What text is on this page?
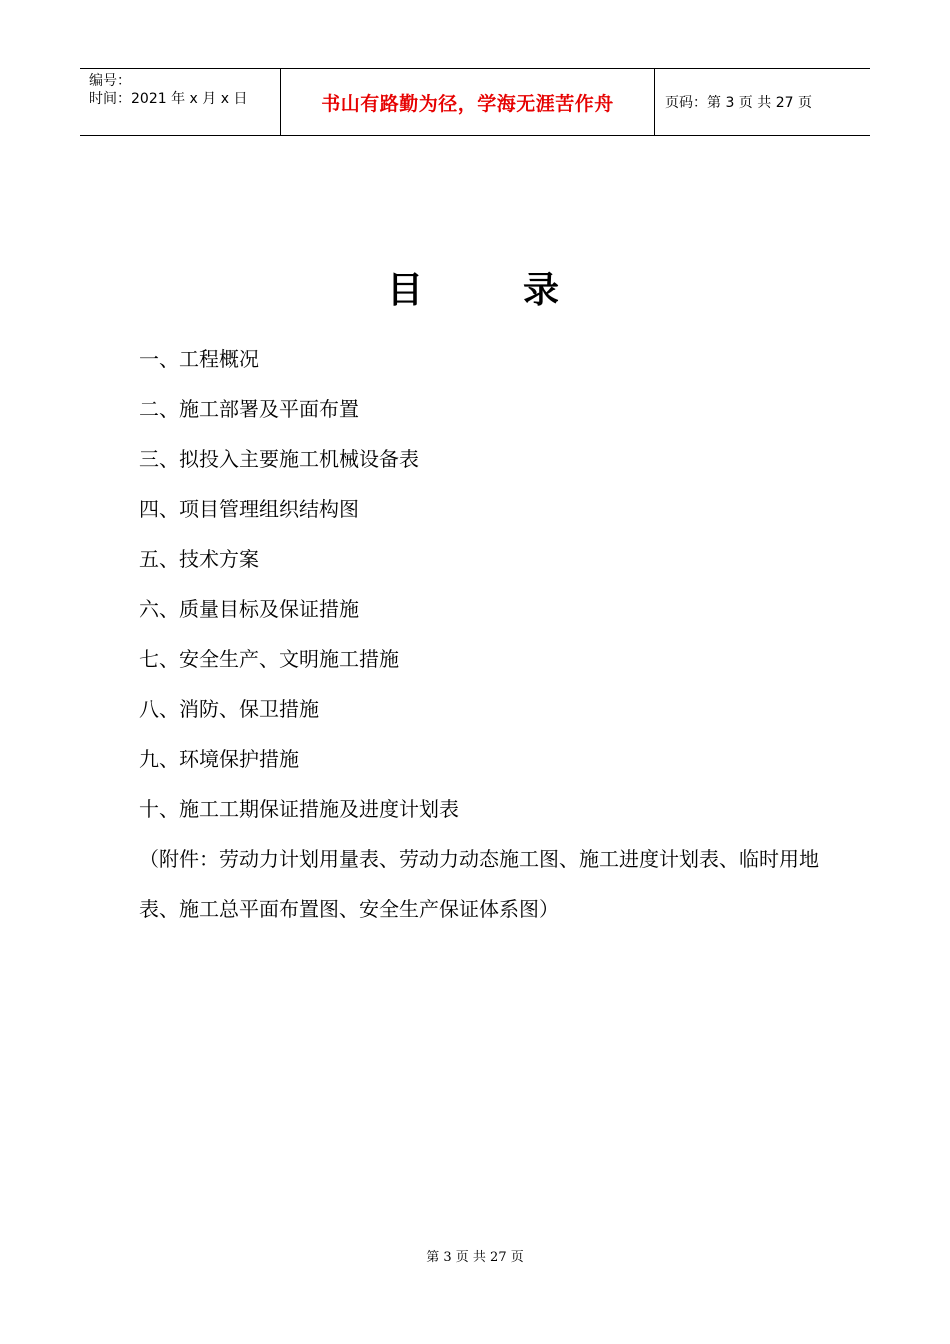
编号：
时间：2021 年 x 月 x 日	书山有路勤为径，学海无涯苦作舟	页码：第 3 页 共 27 页
目	录
一、工程概况
二、施工部署及平面布置
三、拟投入主要施工机械设备表
四、项目管理组织结构图
五、技术方案
六、质量目标及保证措施
七、安全生产、文明施工措施
八、消防、保卫措施
九、环境保护措施
十、施工工期保证措施及进度计划表
（附件：劳动力计划用量表、劳动力动态施工图、施工进度计划表、临时用地表、施工总平面布置图、安全生产保证体系图）
第 3 页 共 27 页
